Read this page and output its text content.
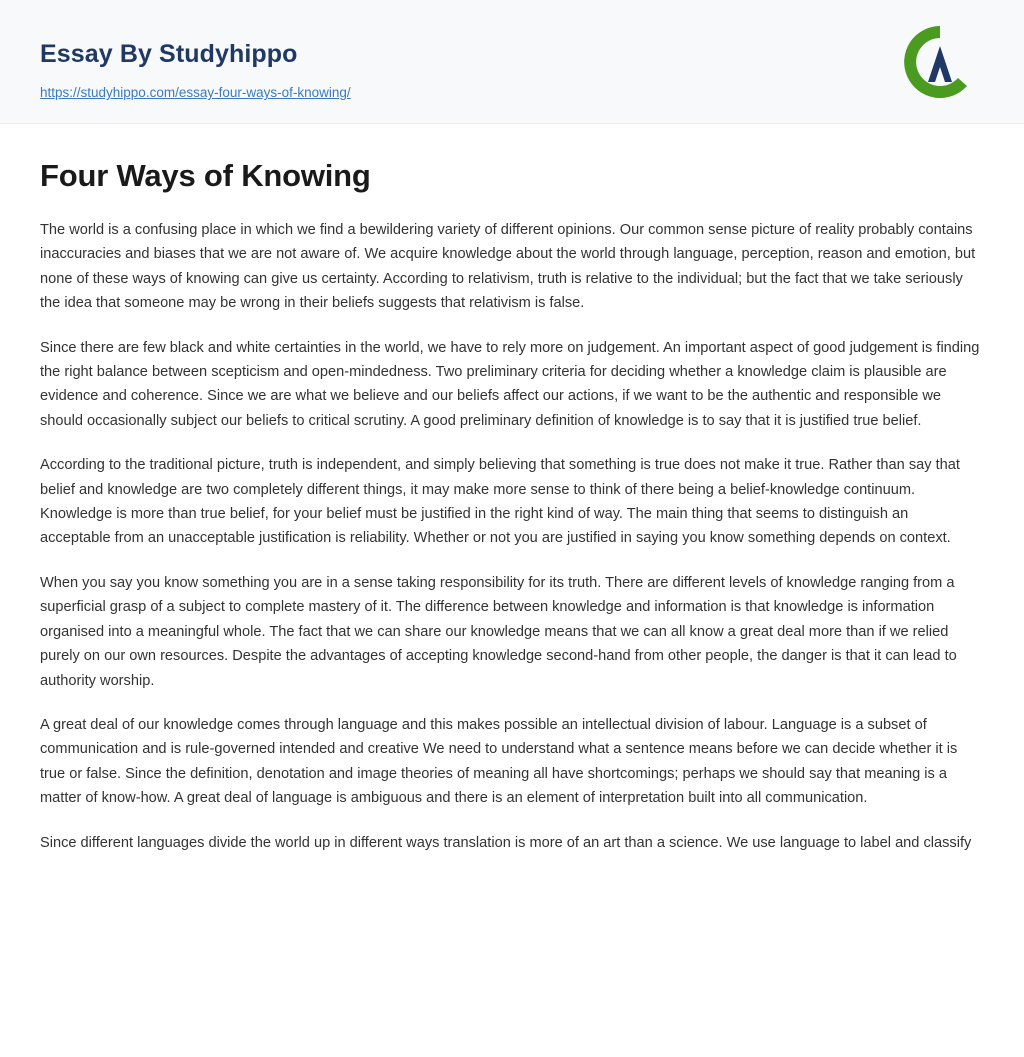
Essay By Studyhippo
https://studyhippo.com/essay-four-ways-of-knowing/
Four Ways of Knowing

The world is a confusing place in which we find a bewildering variety of different opinions. Our common sense picture of reality probably contains inaccuracies and biases that we are not aware of. We acquire knowledge about the world through language, perception, reason and emotion, but none of these ways of knowing can give us certainty. According to relativism, truth is relative to the individual; but the fact that we take seriously the idea that someone may be wrong in their beliefs suggests that relativism is false.

Since there are few black and white certainties in the world, we have to rely more on judgement. An important aspect of good judgement is finding the right balance between scepticism and open-mindedness. Two preliminary criteria for deciding whether a knowledge claim is plausible are evidence and coherence. Since we are what we believe and our beliefs affect our actions, if we want to be the authentic and responsible we should occasionally subject our beliefs to critical scrutiny. A good preliminary definition of knowledge is to say that it is justified true belief.

According to the traditional picture, truth is independent, and simply believing that something is true does not make it true. Rather than say that belief and knowledge are two completely different things, it may make more sense to think of there being a belief-knowledge continuum. Knowledge is more than true belief, for your belief must be justified in the right kind of way. The main thing that seems to distinguish an acceptable from an unacceptable justification is reliability. Whether or not you are justified in saying you know something depends on context.

When you say you know something you are in a sense taking responsibility for its truth. There are different levels of knowledge ranging from a superficial grasp of a subject to complete mastery of it. The difference between knowledge and information is that knowledge is information organised into a meaningful whole. The fact that we can share our knowledge means that we can all know a great deal more than if we relied purely on our own resources. Despite the advantages of accepting knowledge second-hand from other people, the danger is that it can lead to authority worship.

A great deal of our knowledge comes through language and this makes possible an intellectual division of labour. Language is a subset of communication and is rule-governed intended and creative We need to understand what a sentence means before we can decide whether it is true or false. Since the definition, denotation and image theories of meaning all have shortcomings; perhaps we should say that meaning is a matter of know-how. A great deal of language is ambiguous and there is an element of interpretation built into all communication.

Since different languages divide the world up in different ways translation is more of an art than a science. We use language to label and classify
